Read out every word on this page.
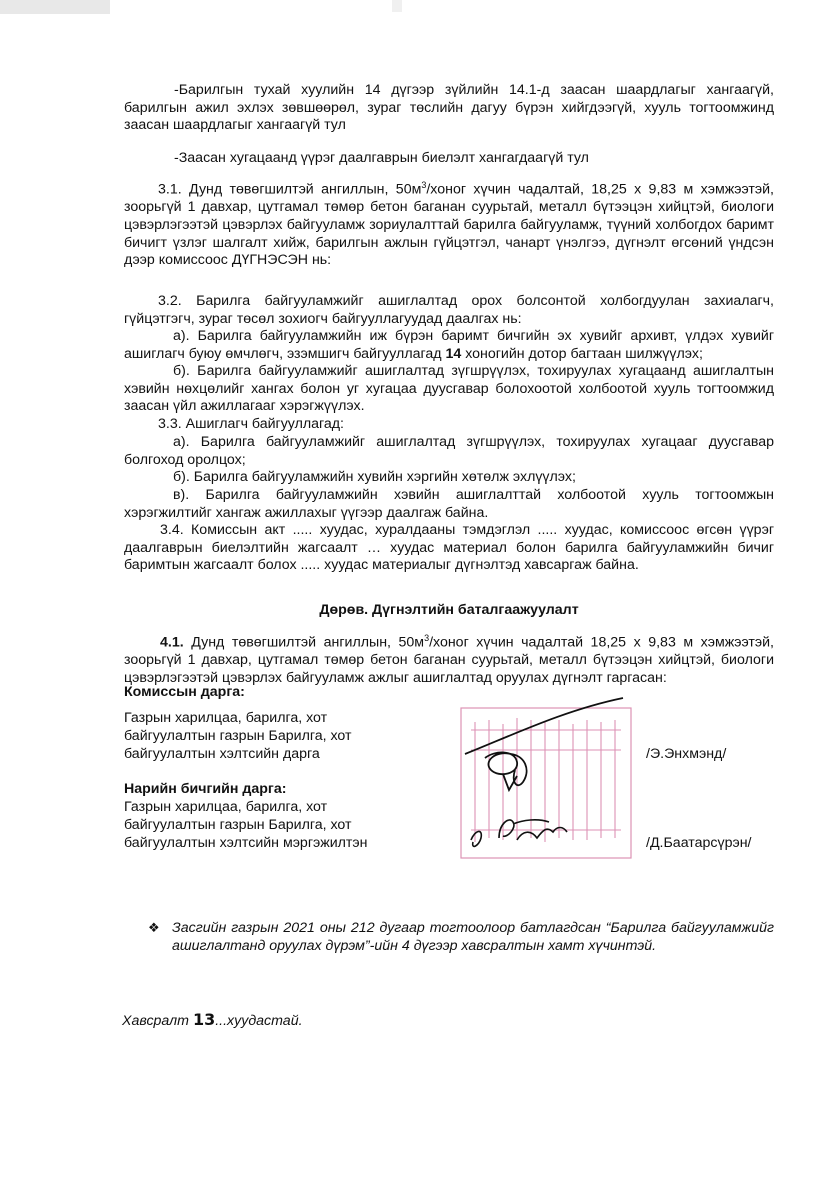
-Барилгын тухай хуулийн 14 дүгээр зүйлийн 14.1-д заасан шаардлагыг хангаагүй, барилгын ажил эхлэх зөвшөөрөл, зураг төслийн дагуу бүрэн хийгдээгүй, хууль тогтоомжинд заасан шаардлагыг хангаагүй тул

-Заасан хугацаанд үүрэг даалгаврын биелэлт хангагдаагүй тул

3.1. Дунд төвөгшилтэй ангиллын, $50м^3$/хоног хүчин чадалтай, 18,25 х 9,83 м хэмжээтэй, зоорьгүй 1 давхар, цутгамал төмөр бетон баганан суурьтай, металл бүтээцэн хийцтэй, биологи цэвэрлэгээтэй цэвэрлэх байгууламж зориулалттай барилга байгууламж, түүний холбогдох баримт бичигт үзлэг шалгалт хийж, барилгын ажлын гүйцэтгэл, чанарт үнэлгээ, дүгнэлт өгсөний үндсэн дээр комиссоос ДҮГНЭСЭН нь:

3.2. Барилга байгууламжийг ашиглалтад орох болсонтой холбогдуулан захиалагч, гүйцэтгэгч, зураг төсөл зохиогч байгууллагуудад даалгах нь:

а). Барилга байгууламжийн иж бүрэн баримт бичгийн эх хувийг архивт, үлдэх хувийг ашиглагч буюу өмчлөгч, эзэмшигч байгууллагад 14 хоногийн дотор багтаан шилжүүлэх;

б). Барилга байгууламжийг ашиглалтад зүгшрүүлэх, тохируулах хугацаанд ашиглалтын хэвийн нөхцөлийг хангах болон уг хугацаа дуусгавар болохоотой холбоотой хууль тогтоомжид заасан үйл ажиллагааг хэрэгжүүлэх.

3.3. Ашиглагч байгууллагад:

а). Барилга байгууламжийг ашиглалтад зүгшрүүлэх, тохируулах хугацааг дуусгавар болгоход оролцох;

б). Барилга байгууламжийн хувийн хэргийн хөтөлж эхлүүлэх;

в). Барилга байгууламжийн хэвийн ашиглалттай холбоотой хууль тогтоомжын хэрэгжилтийг хангаж ажиллахыг үүгээр даалгаж байна.

3.4. Комиссын акт ..... хуудас, хуралдааны тэмдэглэл ..... хуудас, комиссоос өгсөн үүрэг даалгаврын биелэлтийн жагсаалт … хуудас материал болон барилга байгууламжийн бичиг баримтын жагсаалт болох ..... хуудас материалыг дүгнэлтэд хавсаргаж байна.

Дөрөв. Дүгнэлтийн баталгаажуулалт

4.1. Дунд төвөгшилтэй ангиллын, $50м^3$/хоног хүчин чадалтай 18,25 х 9,83 м хэмжээтэй, зоорьгүй 1 давхар, цутгамал төмөр бетон баганан суурьтай, металл бүтээцэн хийцтэй, биологи цэвэрлэгээтэй цэвэрлэх байгууламж ажлыг ашиглалтад оруулах дүгнэлт гаргасан:

Комиссын дарга:
Газрын харилцаа, барилга, хот
байгуулалтын газрын Барилга, хот
байгуулалтын хэлтсийн дарга	/Э.Энхмэнд/
Нарийн бичгийн дарга:
Газрын харилцаа, барилга, хот
байгуулалтын газрын Барилга, хот
байгуулалтын хэлтсийн мэргэжилтэн	/Д.Баатарсүрэн/
❖ Засгийн газрын 2021 оны 212 дугаар тогтоолоор батлагдсан “Барилга байгууламжийг ашиглалтанд оруулах дүрэм”-ийн 4 дүгээр хавсралтын хамт хүчинтэй.
Хавсралт 13...хуудастай.
